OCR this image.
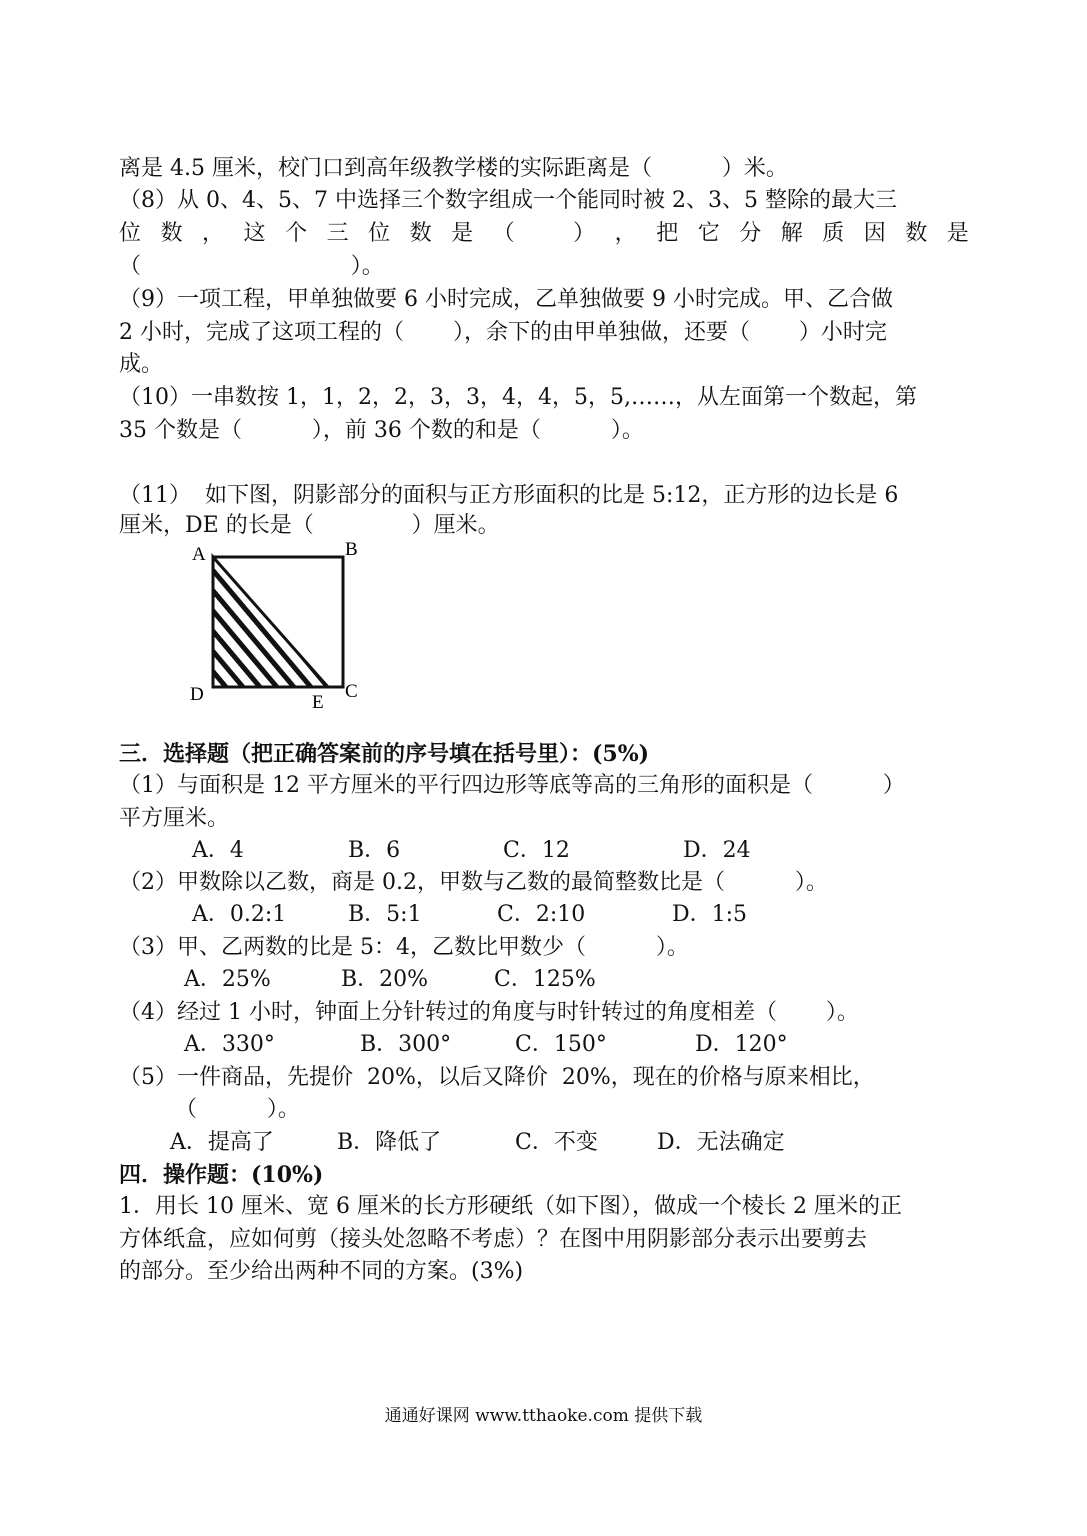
离是 4.5 厘米，校门口到高年级教学楼的实际距离是（          ）米。
（8）从 0、4、5、7 中选择三个数字组成一个能同时被 2、3、5 整除的最大三
位 数 ， 这 个 三 位 数 是 （	） ， 把 它 分 解 质 因 数 是
（                              ）。
（9）一项工程，甲单独做要 6 小时完成，乙单独做要 9 小时完成。甲、乙合做
2 小时，完成了这项工程的（       ），余下的由甲单独做，还要（       ）小时完
成。
（10）一串数按 1，1，2，2，3，3，4，4，5，5,……，从左面第一个数起，第
35 个数是（          ），前 36 个数的和是（          ）。
（11）  如下图，阴影部分的面积与正方形面积的比是 5:12，正方形的边长是 6
厘米，DE 的长是（              ）厘米。
A	B
C
D	E
三．选择题（把正确答案前的序号填在括号里）：(5%)
（1）与面积是 12 平方厘米的平行四边形等底等高的三角形的面积是（          ）
平方厘米。
A．4	B．6	C．12	D．24
（2）甲数除以乙数，商是 0.2，甲数与乙数的最简整数比是（          ）。
A．0.2:1	B．5:1	C．2:10	D．1:5
（3）甲、乙两数的比是 5：4，乙数比甲数少（          ）。
A．25%	B．20%	C．125%
（4）经过 1 小时，钟面上分针转过的角度与时针转过的角度相差（       ）。
A．330°	B．300°	C．150°	D．120°
（5）一件商品，先提价  20%，以后又降价  20%，现在的价格与原来相比，
（          ）。
A．提高了	B．降低了	C．不变	D．无法确定
四．操作题：(10%)
1．用长 10 厘米、宽 6 厘米的长方形硬纸（如下图），做成一个棱长 2 厘米的正
方体纸盒，应如何剪（接头处忽略不考虑）？在图中用阴影部分表示出要剪去
的部分。至少给出两种不同的方案。(3%)
通通好课网 www.tthaoke.com 提供下载
